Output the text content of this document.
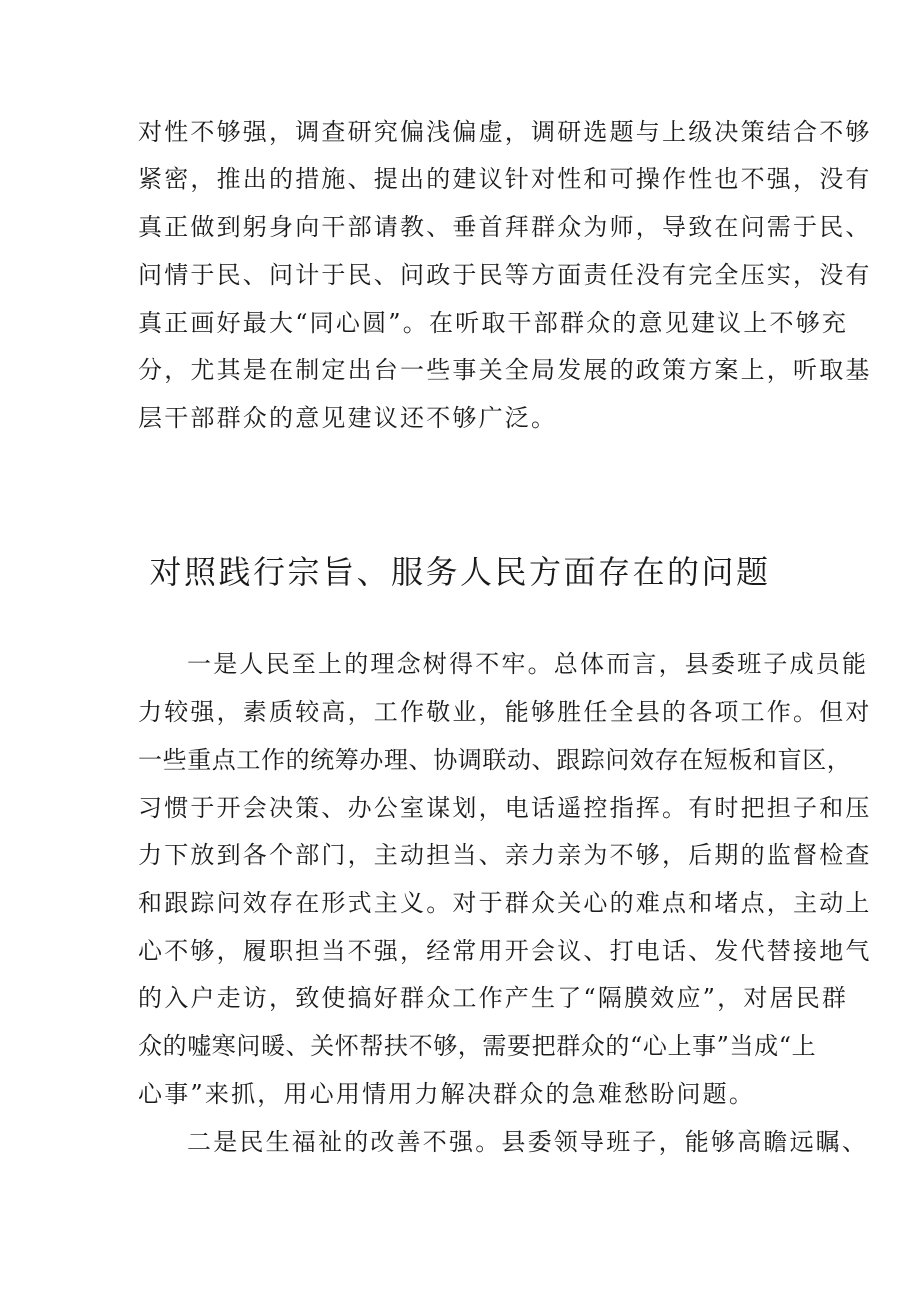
对性不够强，调查研究偏浅偏虚，调研选题与上级决策结合不够
紧密，推出的措施、提出的建议针对性和可操作性也不强，没有
真正做到躬身向干部请教、垂首拜群众为师，导致在问需于民、
问情于民、问计于民、问政于民等方面责任没有完全压实，没有
真正画好最大“同心圆”。在听取干部群众的意见建议上不够充
分，尤其是在制定出台一些事关全局发展的政策方案上，听取基
层干部群众的意见建议还不够广泛。
对照践行宗旨、服务人民方面存在的问题
一是人民至上的理念树得不牢。总体而言，县委班子成员能
力较强，素质较高，工作敬业，能够胜任全县的各项工作。但对
一些重点工作的统筹办理、协调联动、跟踪问效存在短板和盲区，
习惯于开会决策、办公室谋划，电话遥控指挥。有时把担子和压
力下放到各个部门，主动担当、亲力亲为不够，后期的监督检查
和跟踪问效存在形式主义。对于群众关心的难点和堵点，主动上
心不够，履职担当不强，经常用开会议、打电话、发代替接地气
的入户走访，致使搞好群众工作产生了“隔膜效应”，对居民群
众的嘘寒问暖、关怀帮扶不够，需要把群众的“心上事”当成“上
心事”来抓，用心用情用力解决群众的急难愁盼问题。
二是民生福祉的改善不强。县委领导班子，能够高瞻远瞩、
